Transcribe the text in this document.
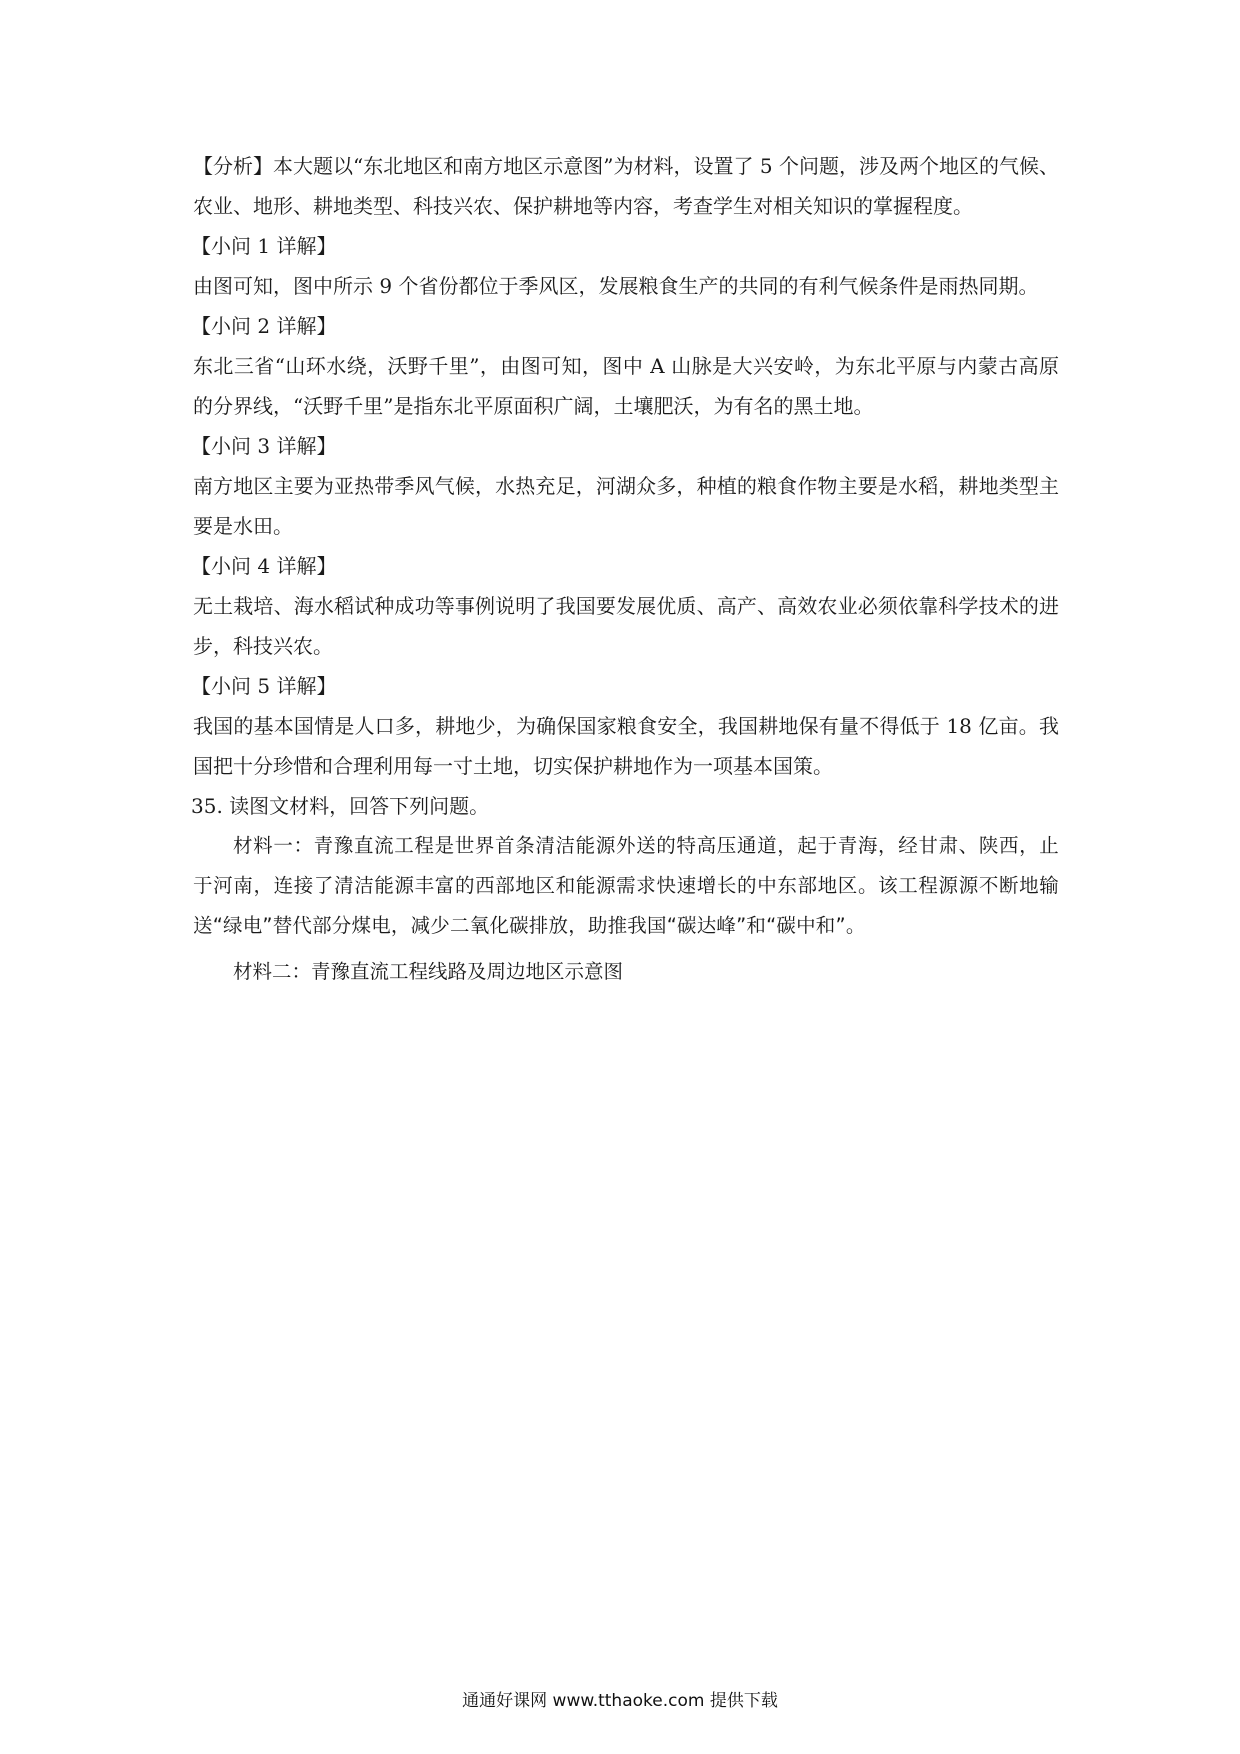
【分析】本大题以“东北地区和南方地区示意图”为材料，设置了 5 个问题，涉及两个地区的气候、农业、地形、耕地类型、科技兴农、保护耕地等内容，考查学生对相关知识的掌握程度。

【小问 1 详解】

由图可知，图中所示 9 个省份都位于季风区，发展粮食生产的共同的有利气候条件是雨热同期。

【小问 2 详解】

东北三省“山环水绕，沃野千里”，由图可知，图中 A 山脉是大兴安岭，为东北平原与内蒙古高原的分界线，“沃野千里”是指东北平原面积广阔，土壤肥沃，为有名的黑土地。

【小问 3 详解】

南方地区主要为亚热带季风气候，水热充足，河湖众多，种植的粮食作物主要是水稻，耕地类型主要是水田。

【小问 4 详解】

无土栽培、海水稻试种成功等事例说明了我国要发展优质、高产、高效农业必须依靠科学技术的进步，科技兴农。

【小问 5 详解】

我国的基本国情是人口多，耕地少，为确保国家粮食安全，我国耕地保有量不得低于 18 亿亩。我国把十分珍惜和合理利用每一寸土地，切实保护耕地作为一项基本国策。

35. 读图文材料，回答下列问题。

材料一：青豫直流工程是世界首条清洁能源外送的特高压通道，起于青海，经甘肃、陕西，止于河南，连接了清洁能源丰富的西部地区和能源需求快速增长的中东部地区。该工程源源不断地输送“绿电”替代部分煤电，减少二氧化碳排放，助推我国“碳达峰”和“碳中和”。

材料二：青豫直流工程线路及周边地区示意图

通通好课网 www.tthaoke.com 提供下载
